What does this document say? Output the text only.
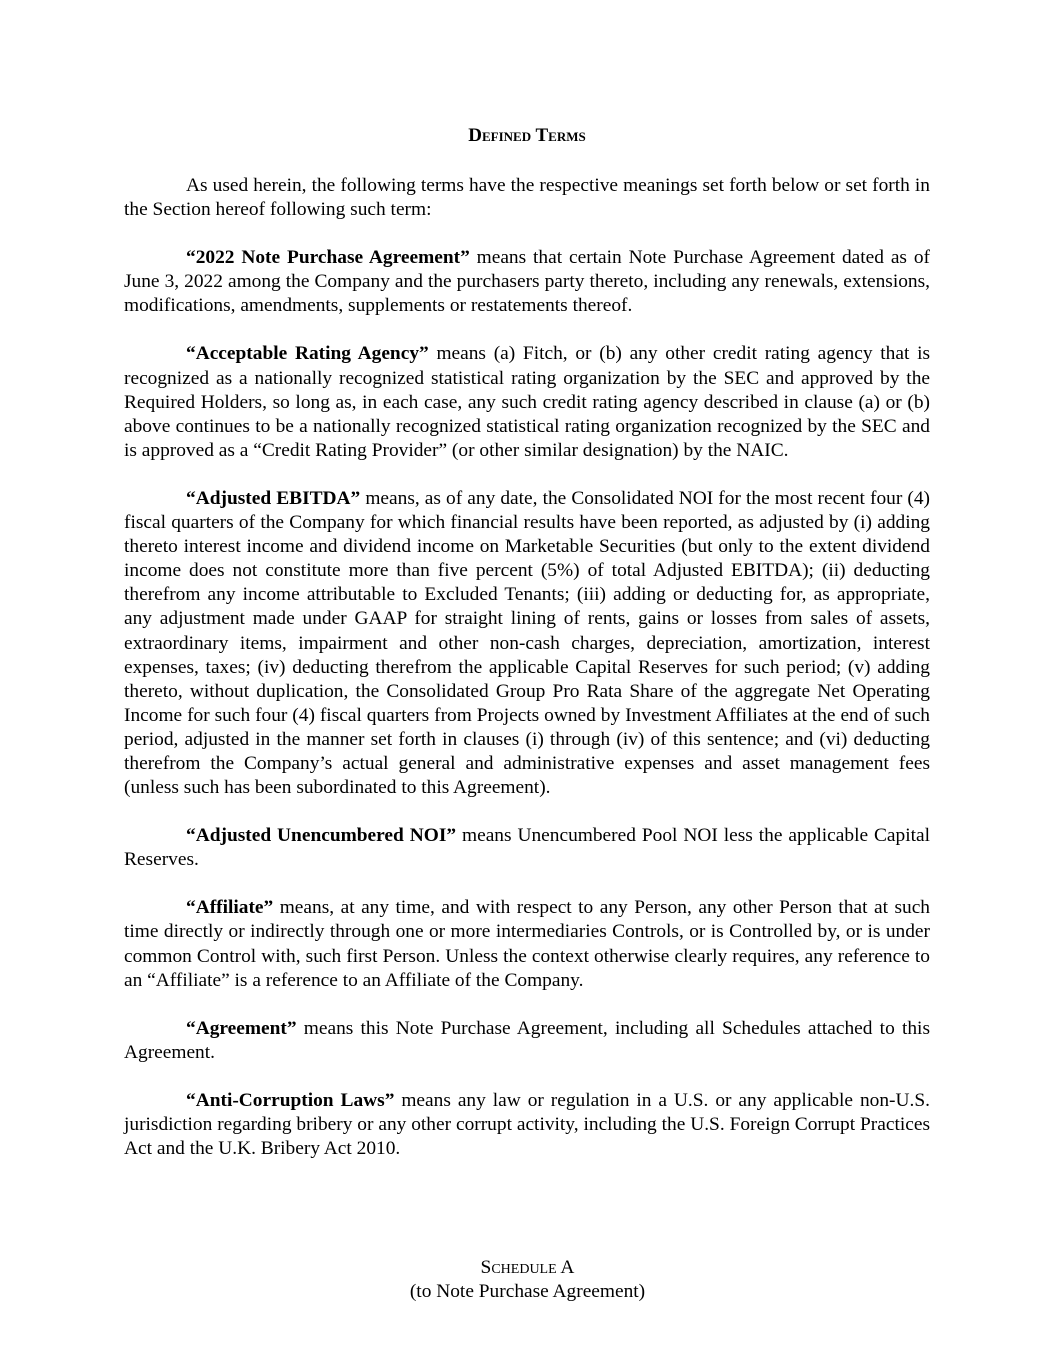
Defined Terms

As used herein, the following terms have the respective meanings set forth below or set forth in the Section hereof following such term:

“2022 Note Purchase Agreement” means that certain Note Purchase Agreement dated as of June 3, 2022 among the Company and the purchasers party thereto, including any renewals, extensions, modifications, amendments, supplements or restatements thereof.

“Acceptable Rating Agency” means (a) Fitch, or (b) any other credit rating agency that is recognized as a nationally recognized statistical rating organization by the SEC and approved by the Required Holders, so long as, in each case, any such credit rating agency described in clause (a) or (b) above continues to be a nationally recognized statistical rating organization recognized by the SEC and is approved as a “Credit Rating Provider” (or other similar designation) by the NAIC.

“Adjusted EBITDA” means, as of any date, the Consolidated NOI for the most recent four (4) fiscal quarters of the Company for which financial results have been reported, as adjusted by (i) adding thereto interest income and dividend income on Marketable Securities (but only to the extent dividend income does not constitute more than five percent (5%) of total Adjusted EBITDA); (ii) deducting therefrom any income attributable to Excluded Tenants; (iii) adding or deducting for, as appropriate, any adjustment made under GAAP for straight lining of rents, gains or losses from sales of assets, extraordinary items, impairment and other non-cash charges, depreciation, amortization, interest expenses, taxes; (iv) deducting therefrom the applicable Capital Reserves for such period; (v) adding thereto, without duplication, the Consolidated Group Pro Rata Share of the aggregate Net Operating Income for such four (4) fiscal quarters from Projects owned by Investment Affiliates at the end of such period, adjusted in the manner set forth in clauses (i) through (iv) of this sentence; and (vi) deducting therefrom the Company’s actual general and administrative expenses and asset management fees (unless such has been subordinated to this Agreement).

“Adjusted Unencumbered NOI” means Unencumbered Pool NOI less the applicable Capital Reserves.

“Affiliate” means, at any time, and with respect to any Person, any other Person that at such time directly or indirectly through one or more intermediaries Controls, or is Controlled by, or is under common Control with, such first Person. Unless the context otherwise clearly requires, any reference to an “Affiliate” is a reference to an Affiliate of the Company.

“Agreement” means this Note Purchase Agreement, including all Schedules attached to this Agreement.

“Anti-Corruption Laws” means any law or regulation in a U.S. or any applicable non-U.S. jurisdiction regarding bribery or any other corrupt activity, including the U.S. Foreign Corrupt Practices Act and the U.K. Bribery Act 2010.

Schedule A
(to Note Purchase Agreement)
